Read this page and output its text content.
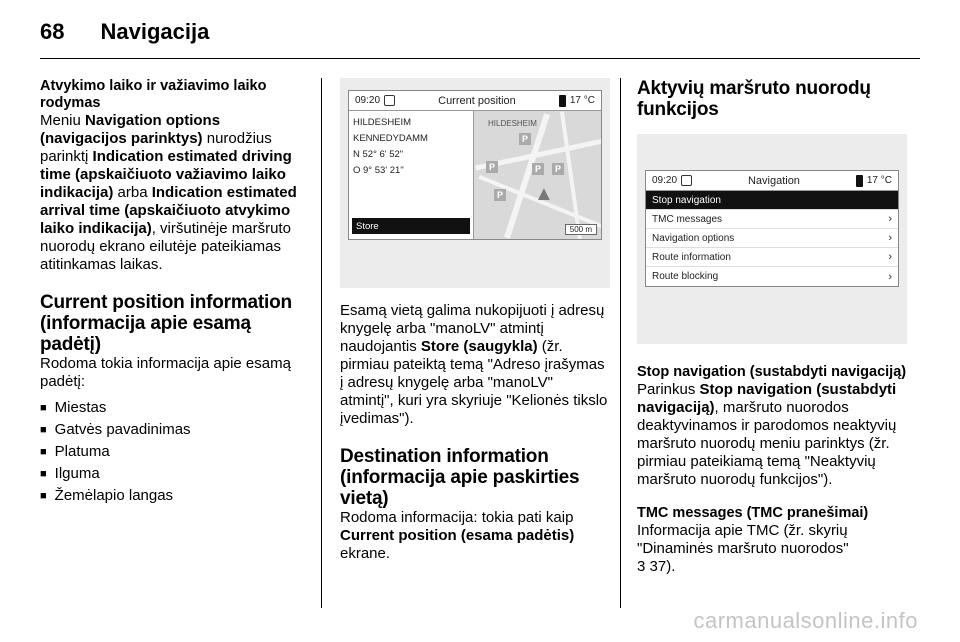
68 Navigacija
Atvykimo laiko ir važiavimo laiko rodymas

Meniu Navigation options (navigacijos parinktys) nurodžius parinktį Indication estimated driving time (apskaičiuoto važiavimo laiko indikacija) arba Indication estimated arrival time (apskaičiuoto atvykimo laiko indikacija), viršutinėje maršruto nuorodų ekrano eilutėje pateikiamas atitinkamas laikas.

Current position information (informacija apie esamą padėtį)

Rodoma tokia informacija apie esamą padėtį:

■ Miestas
■ Gatvės pavadinimas
■ Platuma
■ Ilguma
■ Žemėlapio langas
09:20	Current position	17 °C
HILDESHEIM
KENNEDYDAMM
N 52° 6' 52"
O 9° 53' 21"
Store
HILDESHEIM
P
P	P	P
P ▲
500 m

Esamą vietą galima nukopijuoti į adresų knygelę arba "manoLV" atmintį naudojantis Store (saugykla) (žr. pirmiau pateiktą temą "Adreso įrašymas į adresų knygelę arba "manoLV" atmintį", kuri yra skyriuje "Kelionės tikslo įvedimas").

Destination information (informacija apie paskirties vietą)

Rodoma informacija: tokia pati kaip Current position (esama padėtis) ekrane.

Aktyvių maršruto nuorodų funkcijos
09:20	Navigation	17 °C
Stop navigation
TMC messages	›
Navigation options	›
Route information	›
Route blocking	›
Stop navigation (sustabdyti navigaciją)

Parinkus Stop navigation (sustabdyti navigaciją), maršruto nuorodos deaktyvinamos ir parodomos neaktyvių maršruto nuorodų meniu parinktys (žr. pirmiau pateikiamą temą "Neaktyvių maršruto nuorodų funkcijos").

TMC messages (TMC pranešimai)

Informacija apie TMC (žr. skyrių "Dinaminės maršruto nuorodos"
3 37).

carmanualsonline.info
